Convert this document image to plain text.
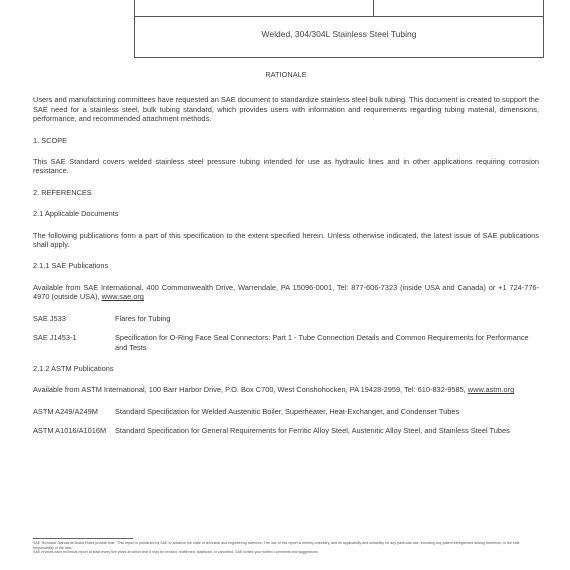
Welded, 304/304L Stainless Steel Tubing

RATIONALE

Users and manufacturing committees have requested an SAE document to standardize stainless steel bulk tubing. This document is created to support the SAE need for a stainless steel, bulk tubing standard, which provides users with information and requirements regarding tubing material, dimensions, performance, and recommended attachment methods.

1. SCOPE

This SAE Standard covers welded stainless steel pressure tubing intended for use as hydraulic lines and in other applications requiring corrosion resistance.

2. REFERENCES

2.1 Applicable Documents

The following publications form a part of this specification to the extent specified herein. Unless otherwise indicated, the latest issue of SAE publications shall apply.

2.1.1 SAE Publications

Available from SAE International, 400 Commonwealth Drive, Warrendale, PA 15096-0001, Tel: 877-606-7323 (inside USA and Canada) or +1 724-776-4970 (outside USA), www.sae.org

SAE J533	Flares for Tubing
SAE J1453-1	Specification for O-Ring Face Seal Connectors: Part 1 - Tube Connection Details and Common Requirements for Performance and Tests

2.1.2 ASTM Publications

Available from ASTM International, 100 Barr Harbor Drive, P.O. Box C700, West Conshohocken, PA 19428-2959, Tel: 610-832-9585, www.astm.org

ASTM A249/A249M	Standard Specification for Welded Austenitic Boiler, Superheater, Heat-Exchanger, and Condenser Tubes
ASTM A1016/A1016M	Standard Specification for General Requirements for Ferritic Alloy Steel, Austenitic Alloy Steel, and Stainless Steel Tubes
SAE Technical Standards Board Rules provide that: "This report is published by SAE to advance the state of technical and engineering sciences. The use of this report is entirely voluntary, and its applicability and suitability for any particular use, including any patent infringement arising therefrom, is the sole responsibility of the user."
SAE reviews each technical report at least every five years at which time it may be revised, reaffirmed, stabilized, or cancelled. SAE invites your written comments and suggestions.
